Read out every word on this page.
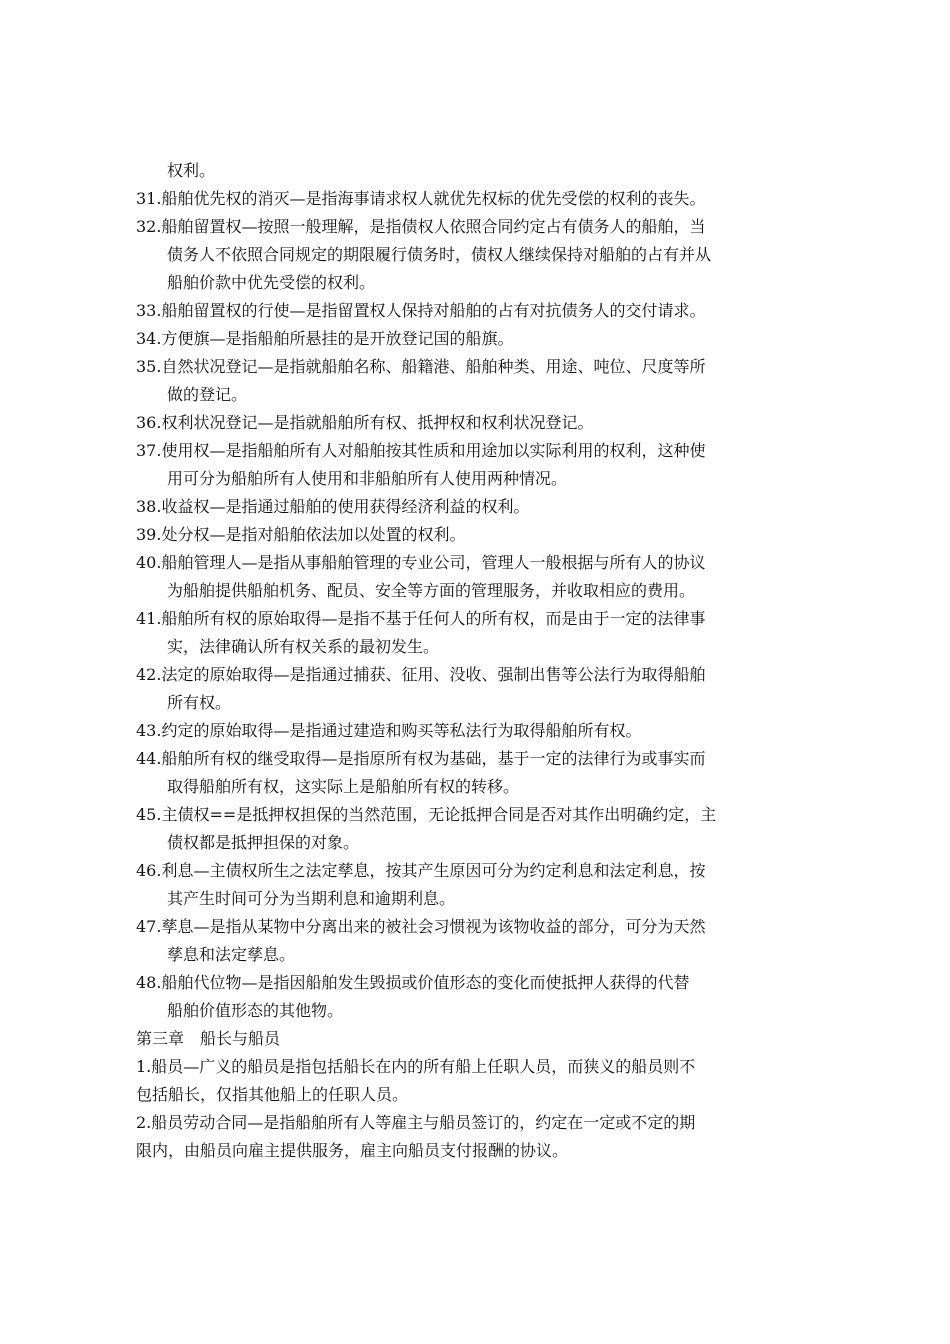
权利。
31.船舶优先权的消灭—是指海事请求权人就优先权标的优先受偿的权利的丧失。
32.船舶留置权—按照一般理解，是指债权人依照合同约定占有债务人的船舶，当
债务人不依照合同规定的期限履行债务时，债权人继续保持对船舶的占有并从
船舶价款中优先受偿的权利。
33.船舶留置权的行使—是指留置权人保持对船舶的占有对抗债务人的交付请求。
34.方便旗—是指船舶所悬挂的是开放登记国的船旗。
35.自然状况登记—是指就船舶名称、船籍港、船舶种类、用途、吨位、尺度等所
做的登记。
36.权利状况登记—是指就船舶所有权、抵押权和权利状况登记。
37.使用权—是指船舶所有人对船舶按其性质和用途加以实际利用的权利，这种使
用可分为船舶所有人使用和非船舶所有人使用两种情况。
38.收益权—是指通过船舶的使用获得经济利益的权利。
39.处分权—是指对船舶依法加以处置的权利。
40.船舶管理人—是指从事船舶管理的专业公司，管理人一般根据与所有人的协议
为船舶提供船舶机务、配员、安全等方面的管理服务，并收取相应的费用。
41.船舶所有权的原始取得—是指不基于任何人的所有权，而是由于一定的法律事
实，法律确认所有权关系的最初发生。
42.法定的原始取得—是指通过捕获、征用、没收、强制出售等公法行为取得船舶
所有权。
43.约定的原始取得—是指通过建造和购买等私法行为取得船舶所有权。
44.船舶所有权的继受取得—是指原所有权为基础，基于一定的法律行为或事实而
取得船舶所有权，这实际上是船舶所有权的转移。
45.主债权==是抵押权担保的当然范围，无论抵押合同是否对其作出明确约定，主
债权都是抵押担保的对象。
46.利息—主债权所生之法定孳息，按其产生原因可分为约定利息和法定利息，按
其产生时间可分为当期利息和逾期利息。
47.孳息—是指从某物中分离出来的被社会习惯视为该物收益的部分，可分为天然
孳息和法定孳息。
48.船舶代位物—是指因船舶发生毁损或价值形态的变化而使抵押人获得的代替
船舶价值形态的其他物。
第三章　船长与船员
1.船员—广义的船员是指包括船长在内的所有船上任职人员，而狭义的船员则不
包括船长，仅指其他船上的任职人员。
2.船员劳动合同—是指船舶所有人等雇主与船员签订的，约定在一定或不定的期
限内，由船员向雇主提供服务，雇主向船员支付报酬的协议。
